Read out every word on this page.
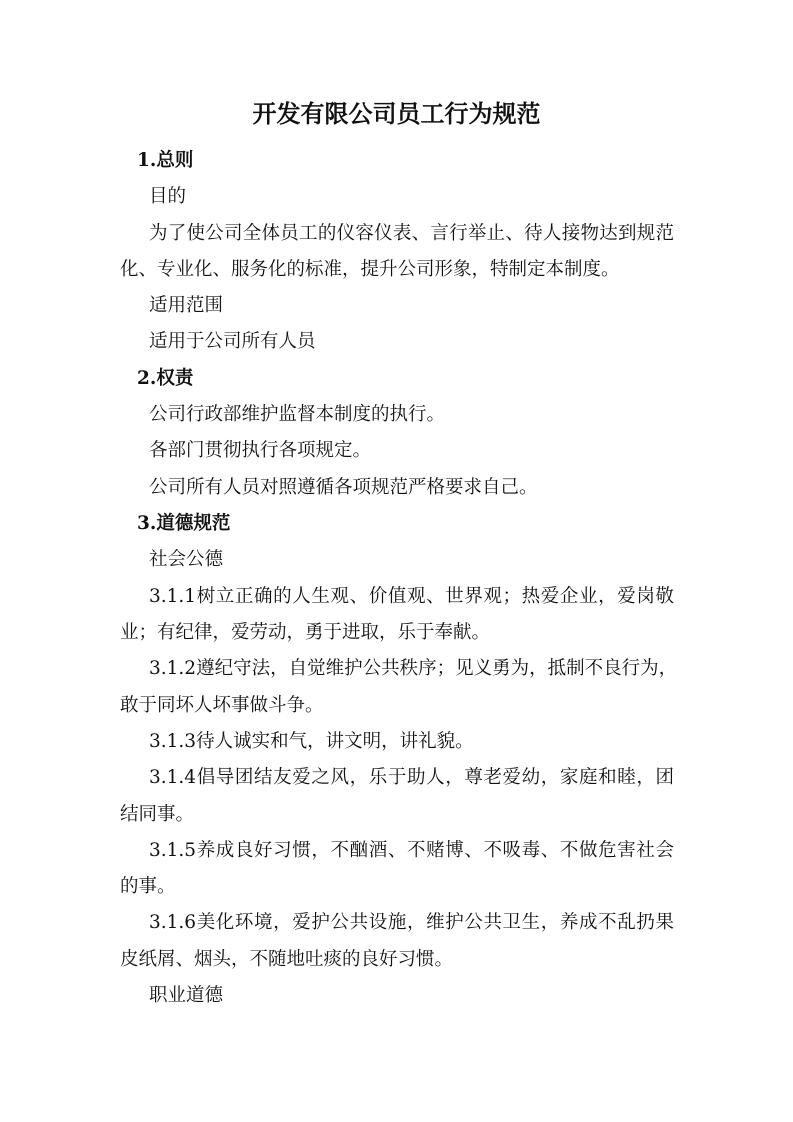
开发有限公司员工行为规范
1.总则
目的
为了使公司全体员工的仪容仪表、言行举止、待人接物达到规范
化、专业化、服务化的标准，提升公司形象，特制定本制度。
适用范围
适用于公司所有人员
2.权责
公司行政部维护监督本制度的执行。
各部门贯彻执行各项规定。
公司所有人员对照遵循各项规范严格要求自己。
3.道德规范
社会公德
3.1.1树立正确的人生观、价值观、世界观；热爱企业，爱岗敬
业；有纪律，爱劳动，勇于进取，乐于奉献。
3.1.2遵纪守法，自觉维护公共秩序；见义勇为，抵制不良行为，
敢于同坏人坏事做斗争。
3.1.3待人诚实和气，讲文明，讲礼貌。
3.1.4倡导团结友爱之风，乐于助人，尊老爱幼，家庭和睦，团
结同事。
3.1.5养成良好习惯，不酗酒、不赌博、不吸毒、不做危害社会
的事。
3.1.6美化环境，爱护公共设施，维护公共卫生，养成不乱扔果
皮纸屑、烟头，不随地吐痰的良好习惯。
职业道德
